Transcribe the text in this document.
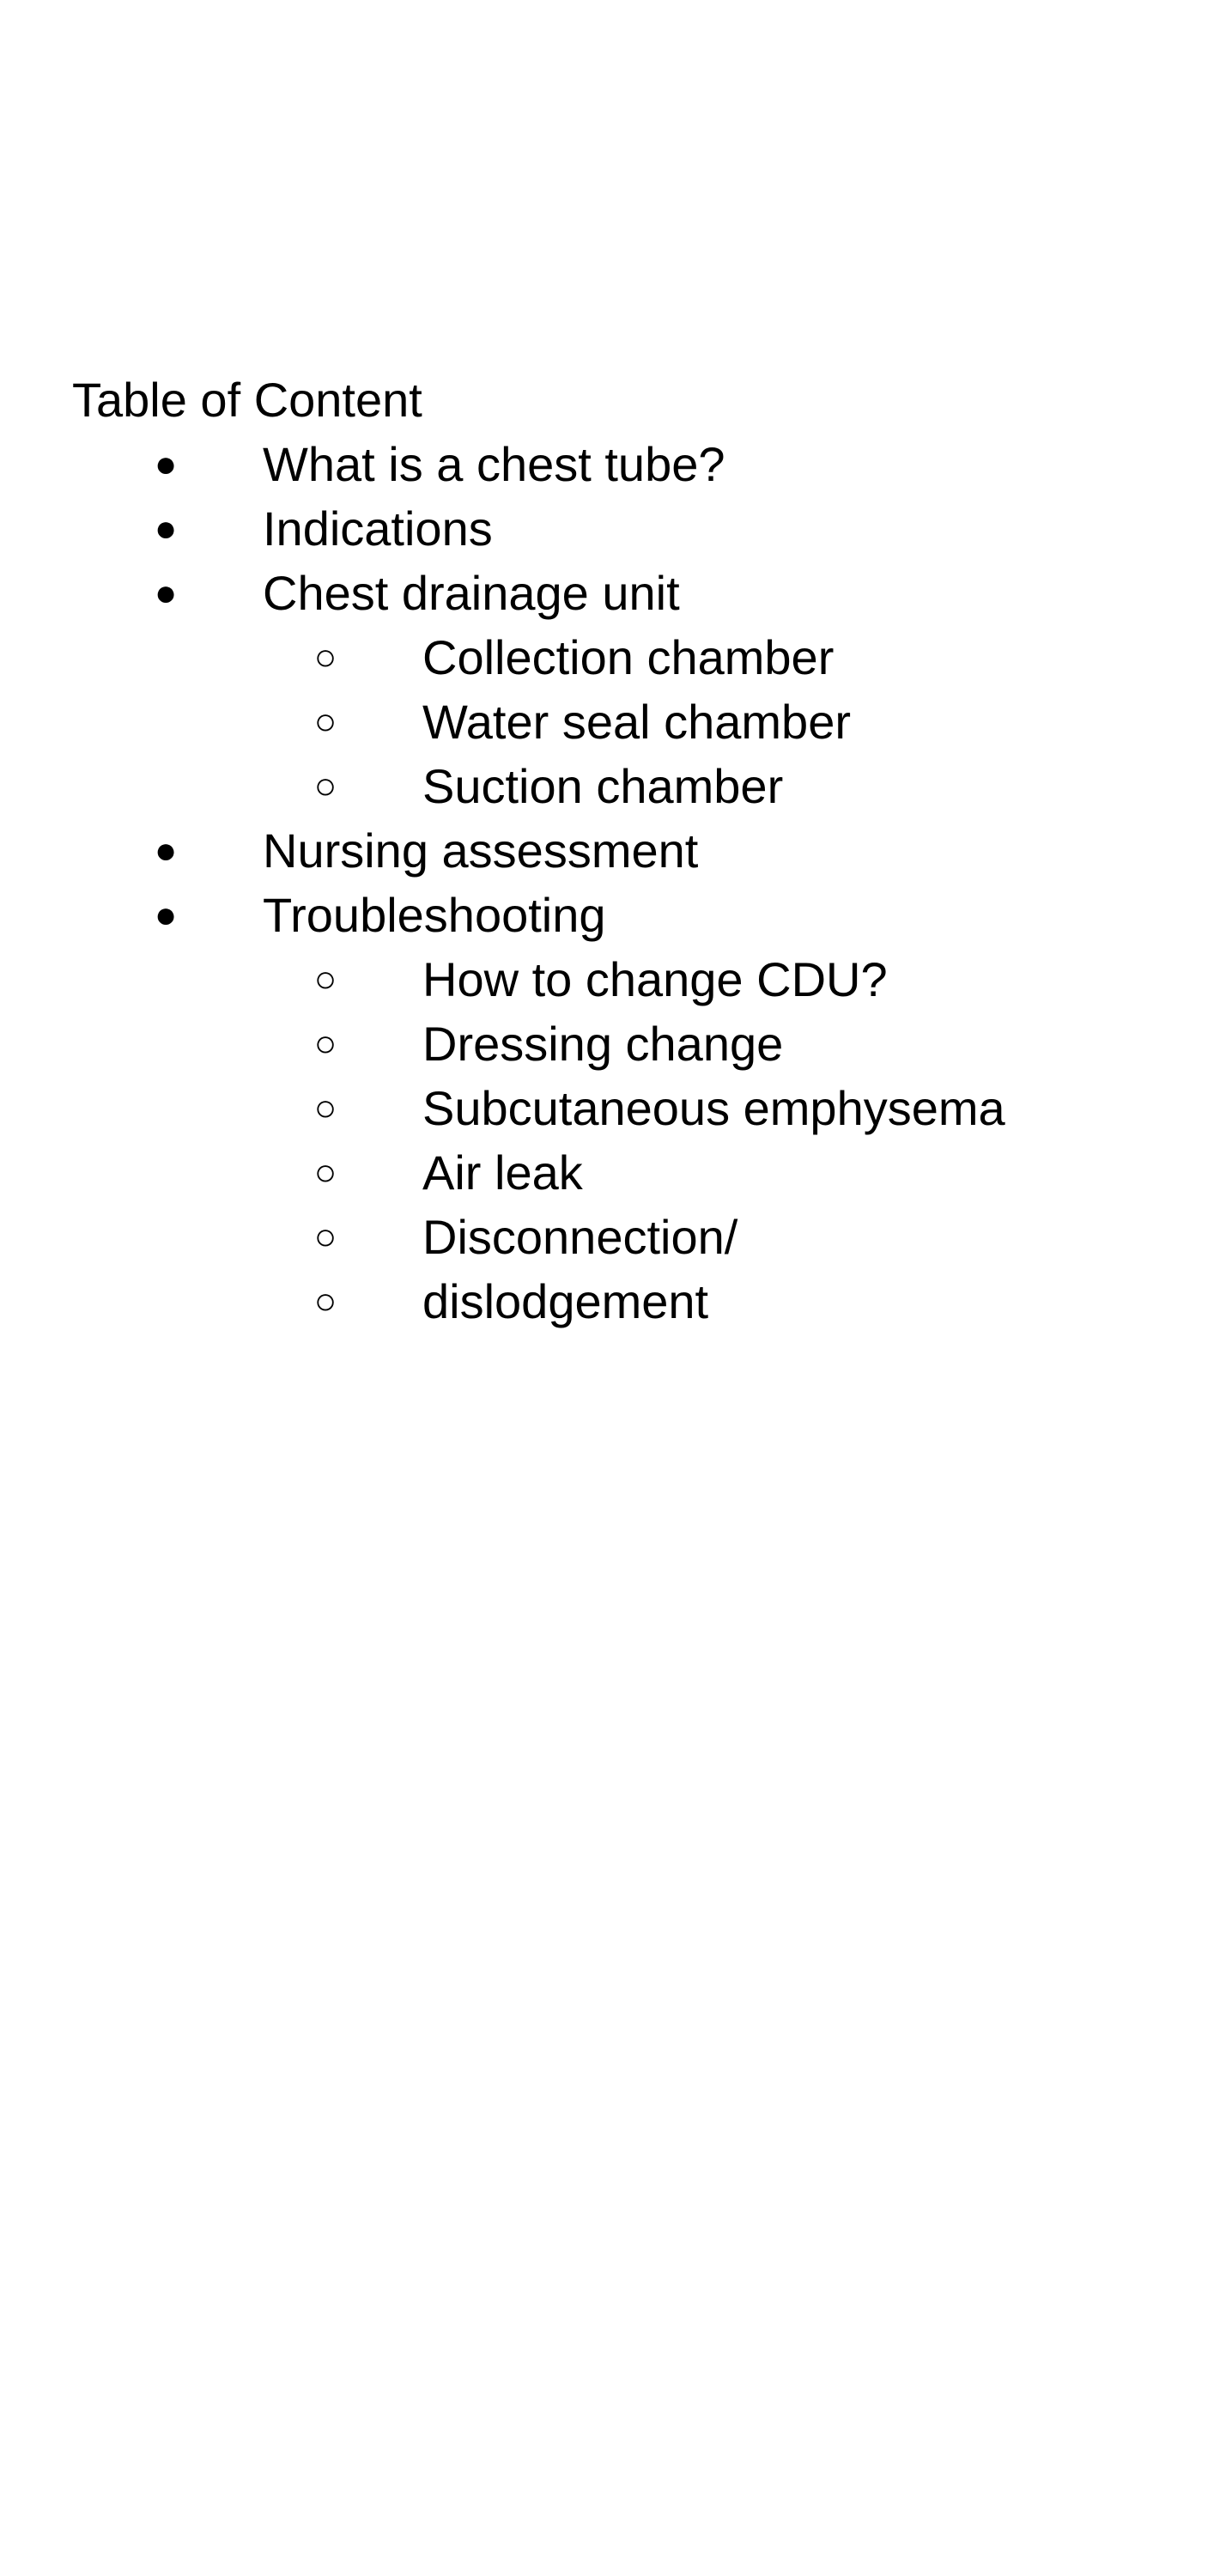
Table of Content
● What is a chest tube?
● Indications
● Chest drainage unit
○ Collection chamber
○ Water seal chamber
○ Suction chamber
● Nursing assessment
● Troubleshooting
○ How to change CDU?
○ Dressing change
○ Subcutaneous emphysema
○ Air leak
○ Disconnection/
○ dislodgement
